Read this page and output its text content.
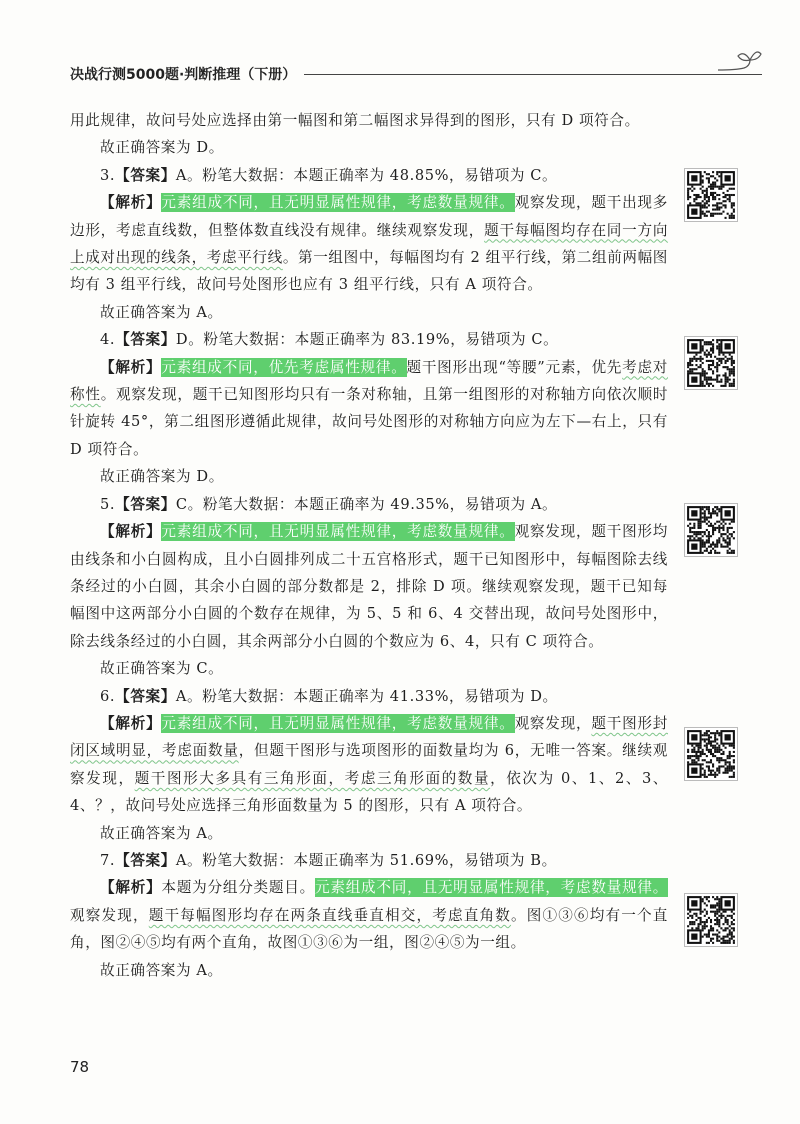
决战行测5000题·判断推理（下册）

用此规律，故问号处应选择由第一幅图和第二幅图求异得到的图形，只有 D 项符合。

故正确答案为 D。

3.【答案】A。粉笔大数据：本题正确率为 48.85%，易错项为 C。

【解析】元素组成不同，且无明显属性规律，考虑数量规律。观察发现，题干出现多边形，考虑直线数，但整体数直线没有规律。继续观察发现，题干每幅图均存在同一方向上成对出现的线条，考虑平行线。第一组图中，每幅图均有 2 组平行线，第二组前两幅图均有 3 组平行线，故问号处图形也应有 3 组平行线，只有 A 项符合。

故正确答案为 A。

4.【答案】D。粉笔大数据：本题正确率为 83.19%，易错项为 C。

【解析】元素组成不同，优先考虑属性规律。题干图形出现“等腰”元素，优先考虑对称性。观察发现，题干已知图形均只有一条对称轴，且第一组图形的对称轴方向依次顺时针旋转 45°，第二组图形遵循此规律，故问号处图形的对称轴方向应为左下—右上，只有 D 项符合。

故正确答案为 D。

5.【答案】C。粉笔大数据：本题正确率为 49.35%，易错项为 A。

【解析】元素组成不同，且无明显属性规律，考虑数量规律。观察发现，题干图形均由线条和小白圆构成，且小白圆排列成二十五宫格形式，题干已知图形中，每幅图除去线条经过的小白圆，其余小白圆的部分数都是 2，排除 D 项。继续观察发现，题干已知每幅图中这两部分小白圆的个数存在规律，为 5、5 和 6、4 交替出现，故问号处图形中，除去线条经过的小白圆，其余两部分小白圆的个数应为 6、4，只有 C 项符合。

故正确答案为 C。

6.【答案】A。粉笔大数据：本题正确率为 41.33%，易错项为 D。

【解析】元素组成不同，且无明显属性规律，考虑数量规律。观察发现，题干图形封闭区域明显，考虑面数量，但题干图形与选项图形的面数量均为 6，无唯一答案。继续观察发现，题干图形大多具有三角形面，考虑三角形面的数量，依次为 0、1、2、3、4、？，故问号处应选择三角形面数量为 5 的图形，只有 A 项符合。

故正确答案为 A。

7.【答案】A。粉笔大数据：本题正确率为 51.69%，易错项为 B。

【解析】本题为分组分类题目。元素组成不同，且无明显属性规律，考虑数量规律。观察发现，题干每幅图形均存在两条直线垂直相交，考虑直角数。图①③⑥均有一个直角，图②④⑤均有两个直角，故图①③⑥为一组，图②④⑤为一组。

故正确答案为 A。

78
